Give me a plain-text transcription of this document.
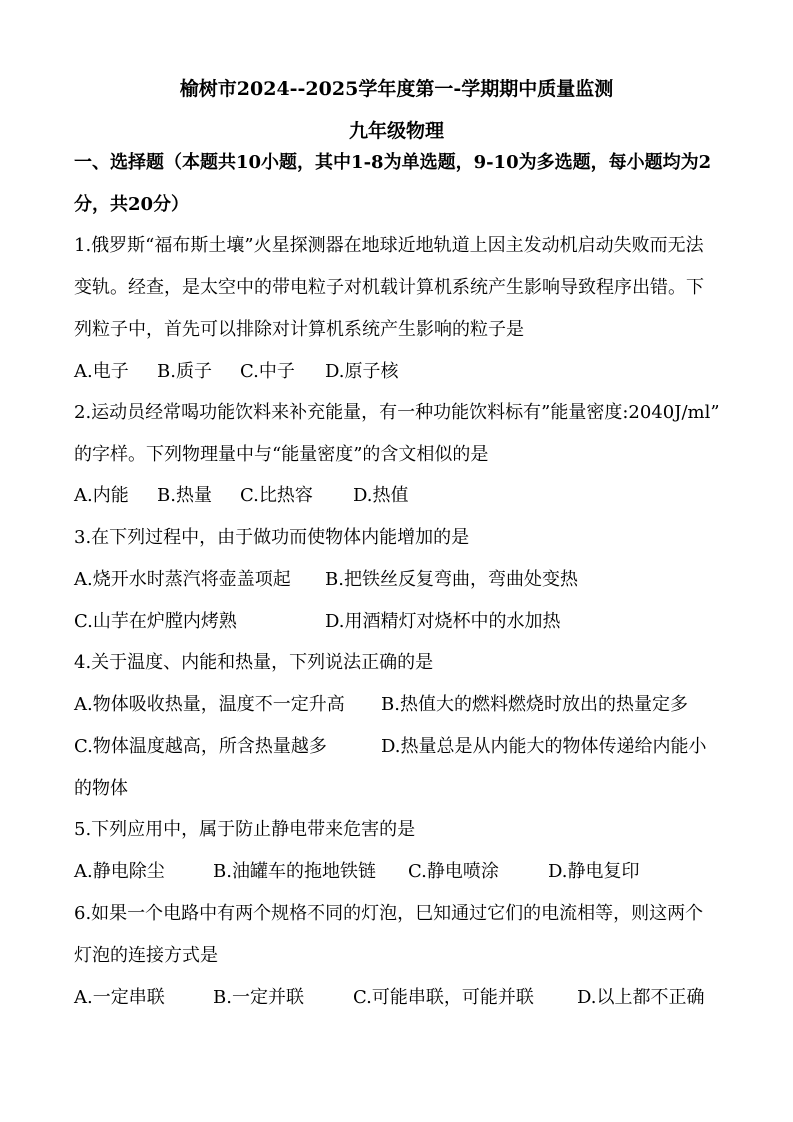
榆树市2024--2025学年度第一-学期期中质量监测
九年级物理
一、选择题（本题共10小题，其中1-8为单选题，9-10为多选题，每小题均为2
分，共20分）
1.俄罗斯“福布斯土壤”火星探测器在地球近地轨道上因主发动机启动失败而无法
变轨。经查，是太空中的带电粒子对机载计算机系统产生影响导致程序出错。下
列粒子中，首先可以排除对计算机系统产生影响的粒子是
A.电子 B.质子 C.中子 D.原子核
2.运动员经常喝功能饮料来补充能量，有一种功能饮料标有”能量密度:2040J/ml”
的字样。下列物理量中与“能量密度”的含文相似的是
A.内能 B.热量 C.比热容 D.热值
3.在下列过程中，由于做功而使物体内能增加的是
A.烧开水时蒸汽将壶盖项起 B.把铁丝反复弯曲，弯曲处变热
C.山芋在炉膛内烤熟	D.用酒精灯对烧杯中的水加热
4.关于温度、内能和热量，下列说法正确的是
A.物体吸收热量，温度不一定升高 B.热值大的燃料燃烧时放出的热量定多
C.物体温度越高，所含热量越多	D.热量总是从内能大的物体传递给内能小
的物体
5.下列应用中，属于防止静电带来危害的是
A.静电除尘	B.油罐车的拖地铁链 C.静电喷涂	D.静电复印
6.如果一个电路中有两个规格不同的灯泡，巳知通过它们的电流相等，则这两个
灯泡的连接方式是
A.一定串联	B.一定并联	C.可能串联，可能并联 D.以上都不正确
